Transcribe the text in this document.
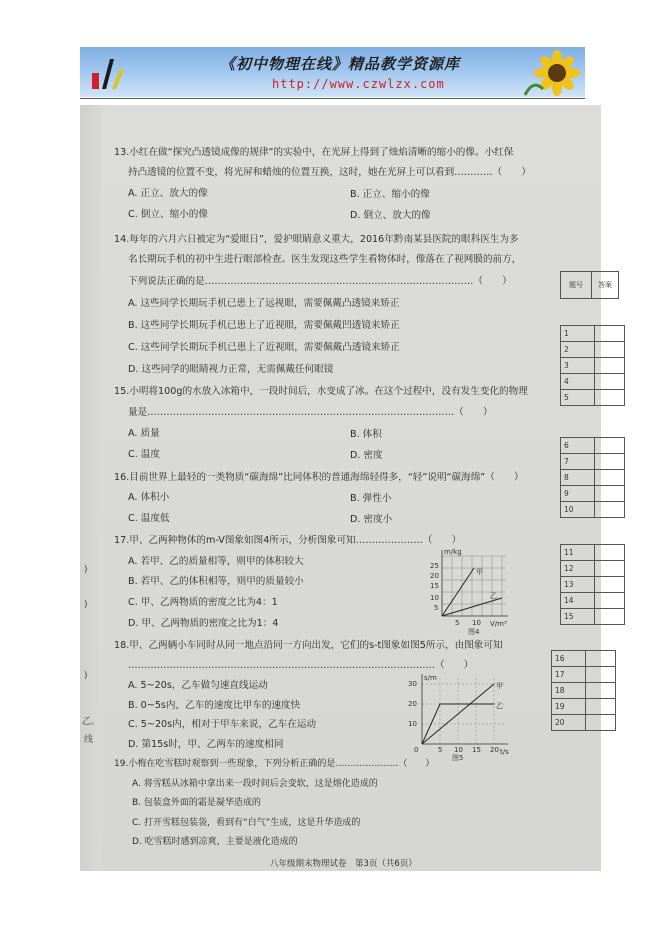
《初中物理在线》精品教学资源库
http://www.czwlzx.com
13.小红在做“探究凸透镜成像的规律”的实验中，在光屏上得到了烛焰清晰的缩小的像。小红保
持凸透镜的位置不变，将光屏和蜡烛的位置互换，这时，她在光屏上可以看到…………（　　）
A. 正立、放大的像	B. 正立、缩小的像
C. 倒立、缩小的像	D. 倒立、放大的像
14.每年的六月六日被定为“爱眼日”，爱护眼睛意义重大，2016年黔南某县医院的眼科医生为多
名长期玩手机的初中生进行眼部检查。医生发现这些学生看物体时，像落在了视网膜的前方，
下列说法正确的是…………………………………………………………………………（　　）
A. 这些同学长期玩手机已患上了远视眼，需要佩戴凸透镜来矫正
B. 这些同学长期玩手机已患上了近视眼，需要佩戴凹透镜来矫正
C. 这些同学长期玩手机已患上了近视眼，需要佩戴凸透镜来矫正
D. 这些同学的眼睛视力正常，无需佩戴任何眼镜
15.小明将100g的水放入冰箱中，一段时间后，水变成了冰。在这个过程中，没有发生变化的物理
量是……………………………………………………………………………………（　　）
A. 质量	B. 体积
C. 温度	D. 密度
16.目前世界上最轻的一类物质“碳海绵”比同体积的普通海绵轻得多，“轻”说明“碳海绵”（　　）
A. 体积小	B. 弹性小
C. 温度低	D. 密度小
17.甲、乙两种物体的m-V图象如图4所示，分析图象可知…………………（　　）
A. 若甲、乙的质量相等，则甲的体积较大
B. 若甲、乙的体积相等，则甲的质量较小
C. 甲、乙两物质的密度之比为4：1
D. 甲、乙两物质的密度之比为1：4
m/kg
V/m³
25
20
15
10
5
5 10
甲
乙
图4
18.甲、乙两辆小车同时从同一地点沿同一方向出发，它们的s-t图象如图5所示，由图象可知
……………………………………………………………………………………（　　）
A. 5~20s，乙车做匀速直线运动
B. 0~5s内，乙车的速度比甲车的速度快
C. 5~20s内，相对于甲车来说，乙车在运动
D. 第15s时，甲、乙两车的速度相同
s/m
t/s
30
20
10
0	5 10 15 20
甲
乙
图5
19.小梅在吃雪糕时观察到一些现象，下列分析正确的是…………………（　　）
A. 将雪糕从冰箱中拿出来一段时间后会变软，这是熔化造成的
B. 包装盒外面的霜是凝华造成的
C. 打开雪糕包装袋，看到有“白气”生成，这是升华造成的
D. 吃雪糕时感到凉爽，主要是液化造成的
八年级期末物理试卷　第3页（共6页）
题号	答案
1	
2	
3	
4	
5	
6	
7	
8	
9	
10	
11	
12	
13	
14	
15	
16	
17	
18	
19	
20	
)
)
)
乙。
线
